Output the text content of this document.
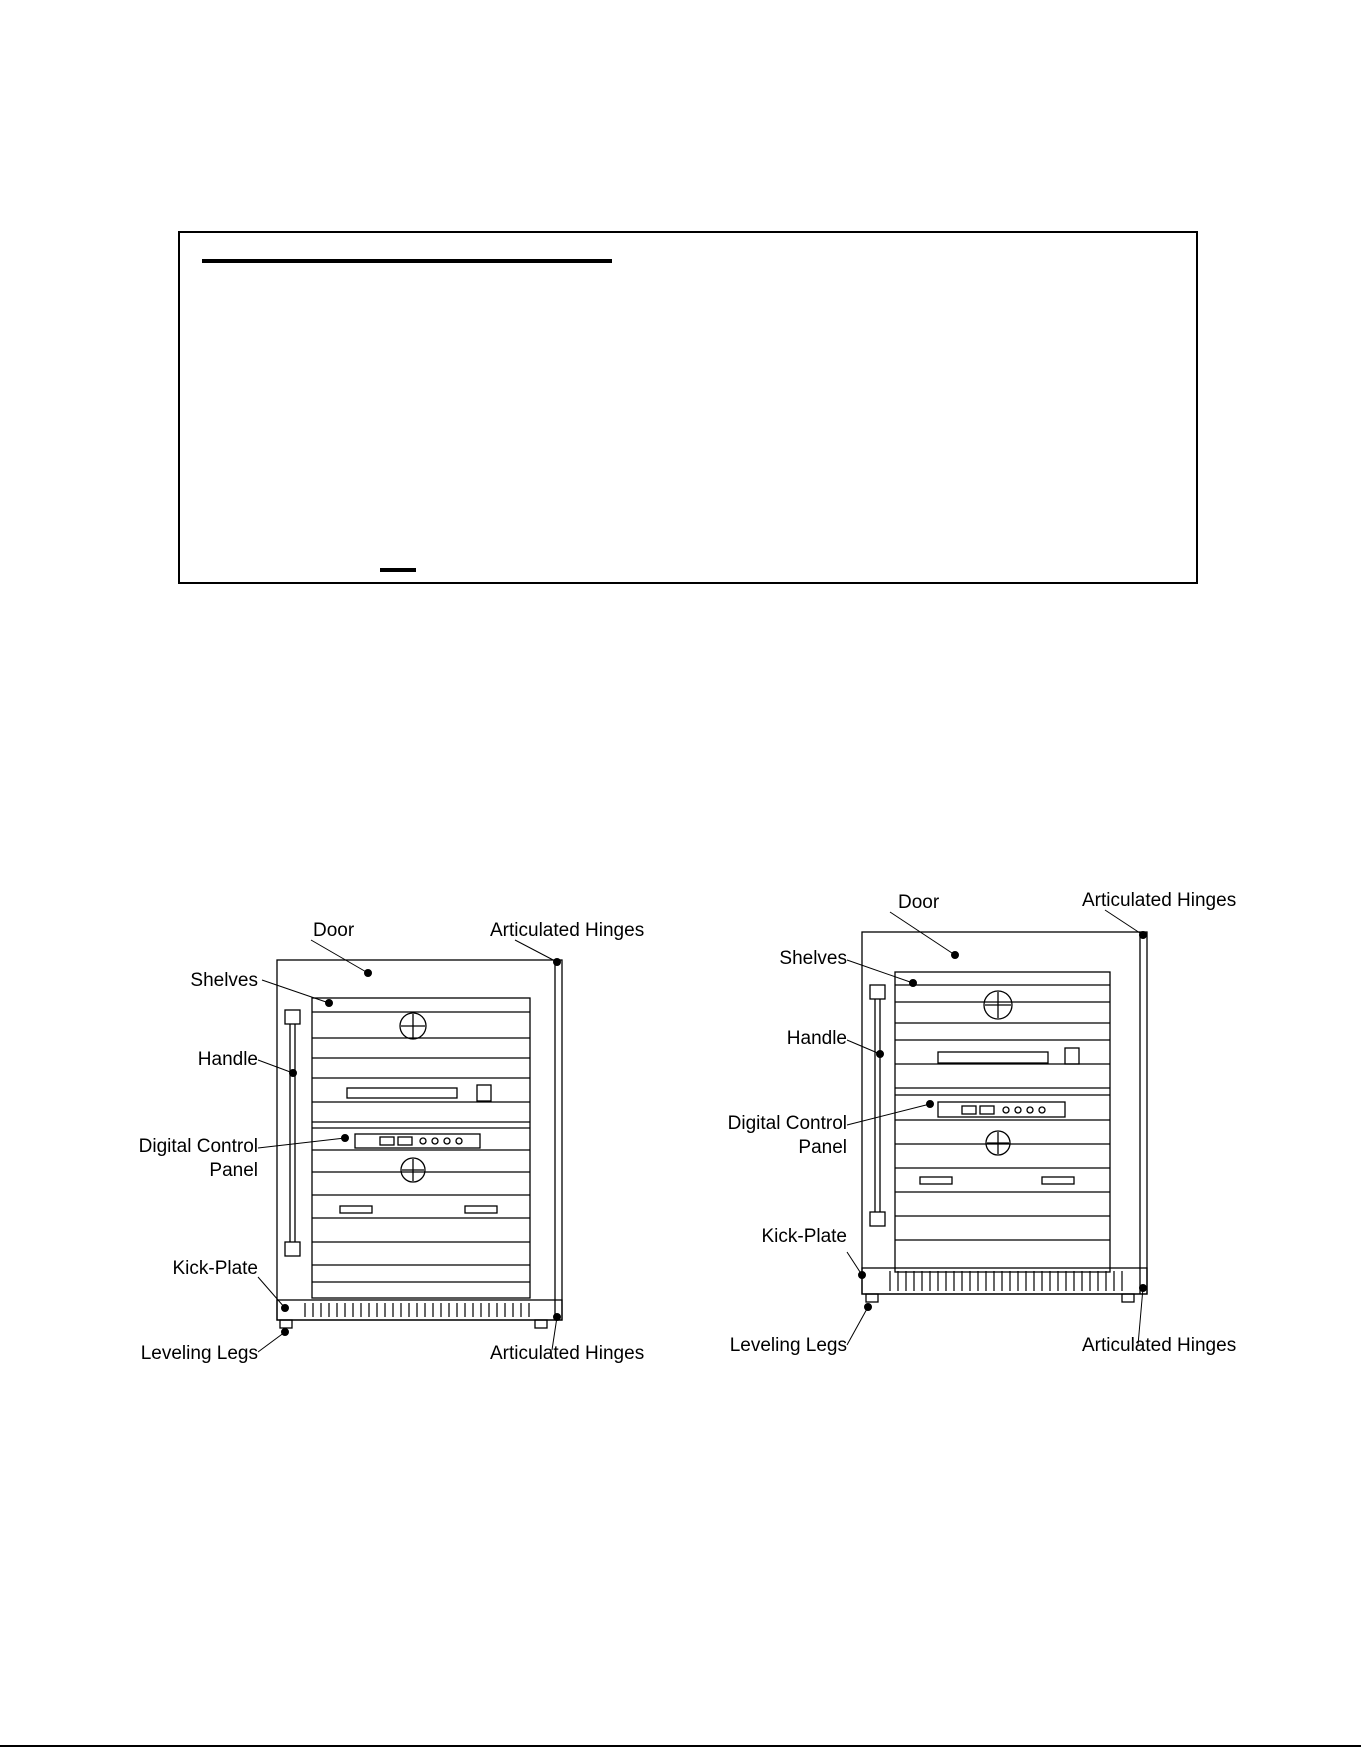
Door	Articulated Hinges
Shelves
Handle
Digital Control
Panel
Kick-Plate
Leveling Legs	Articulated Hinges
Door	Articulated Hinges
Shelves
Handle
Digital Control
Panel
Kick-Plate
Leveling Legs	Articulated Hinges
